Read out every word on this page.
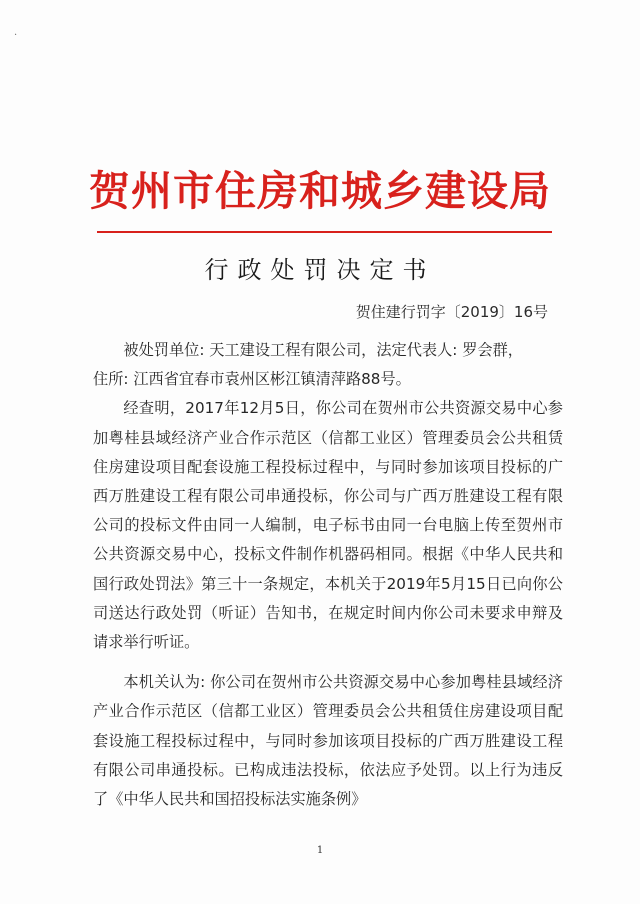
·
贺州市住房和城乡建设局
行政处罚决定书
贺住建行罚字〔2019〕16号

被处罚单位: 天工建设工程有限公司，法定代表人: 罗会群，

住所: 江西省宜春市袁州区彬江镇清萍路88号。

经查明，2017年12月5日，你公司在贺州市公共资源交易中心参加粤桂县域经济产业合作示范区（信都工业区）管理委员会公共租赁住房建设项目配套设施工程投标过程中，与同时参加该项目投标的广西万胜建设工程有限公司串通投标，你公司与广西万胜建设工程有限公司的投标文件由同一人编制，电子标书由同一台电脑上传至贺州市公共资源交易中心，投标文件制作机器码相同。根据《中华人民共和国行政处罚法》第三十一条规定，本机关于2019年5月15日已向你公司送达行政处罚（听证）告知书，在规定时间内你公司未要求申辩及请求举行听证。

本机关认为: 你公司在贺州市公共资源交易中心参加粤桂县域经济产业合作示范区（信都工业区）管理委员会公共租赁住房建设项目配套设施工程投标过程中，与同时参加该项目投标的广西万胜建设工程有限公司串通投标。已构成违法投标，依法应予处罚。以上行为违反了《中华人民共和国招投标法实施条例》

1
